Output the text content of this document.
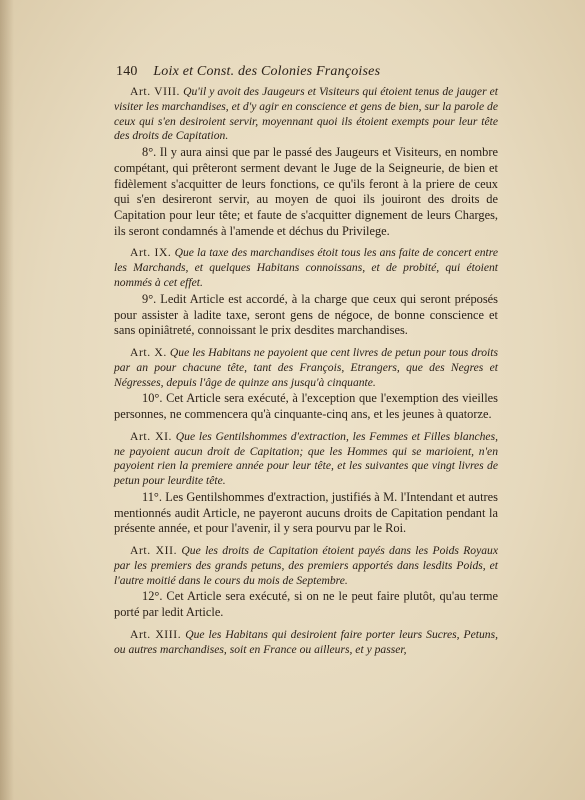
140 Loix et Const. des Colonies Françoises

Art. VIII. Qu'il y avoit des Jaugeurs et Visiteurs qui étoient tenus de jauger et visiter les marchandises, et d'y agir en conscience et gens de bien, sur la parole de ceux qui s'en desiroient servir, moyennant quoi ils étoient exempts pour leur tête des droits de Capitation.

8°. Il y aura ainsi que par le passé des Jaugeurs et Visiteurs, en nombre compétant, qui prêteront serment devant le Juge de la Seigneurie, de bien et fidèlement s'acquitter de leurs fonctions, ce qu'ils feront à la priere de ceux qui s'en desireront servir, au moyen de quoi ils jouiront des droits de Capitation pour leur tête; et faute de s'acquitter dignement de leurs Charges, ils seront condamnés à l'amende et déchus du Privilege.

Art. IX. Que la taxe des marchandises étoit tous les ans faite de concert entre les Marchands, et quelques Habitans connoissans, et de probité, qui étoient nommés à cet effet.

9°. Ledit Article est accordé, à la charge que ceux qui seront préposés pour assister à ladite taxe, seront gens de négoce, de bonne conscience et sans opiniâtreté, connoissant le prix desdites marchandises.

Art. X. Que les Habitans ne payoient que cent livres de petun pour tous droits par an pour chacune tête, tant des François, Etrangers, que des Negres et Négresses, depuis l'âge de quinze ans jusqu'à cinquante.

10°. Cet Article sera exécuté, à l'exception que l'exemption des vieilles personnes, ne commencera qu'à cinquante-cinq ans, et les jeunes à quatorze.

Art. XI. Que les Gentilshommes d'extraction, les Femmes et Filles blanches, ne payoient aucun droit de Capitation; que les Hommes qui se marioient, n'en payoient rien la premiere année pour leur tête, et les suivantes que vingt livres de petun pour leurdite tête.

11°. Les Gentilshommes d'extraction, justifiés à M. l'Intendant et autres mentionnés audit Article, ne payeront aucuns droits de Capitation pendant la présente année, et pour l'avenir, il y sera pourvu par le Roi.

Art. XII. Que les droits de Capitation étoient payés dans les Poids Royaux par les premiers des grands petuns, des premiers apportés dans lesdits Poids, et l'autre moitié dans le cours du mois de Septembre.

12°. Cet Article sera exécuté, si on ne le peut faire plutôt, qu'au terme porté par ledit Article.

Art. XIII. Que les Habitans qui desiroient faire porter leurs Sucres, Petuns, ou autres marchandises, soit en France ou ailleurs, et y passer,
